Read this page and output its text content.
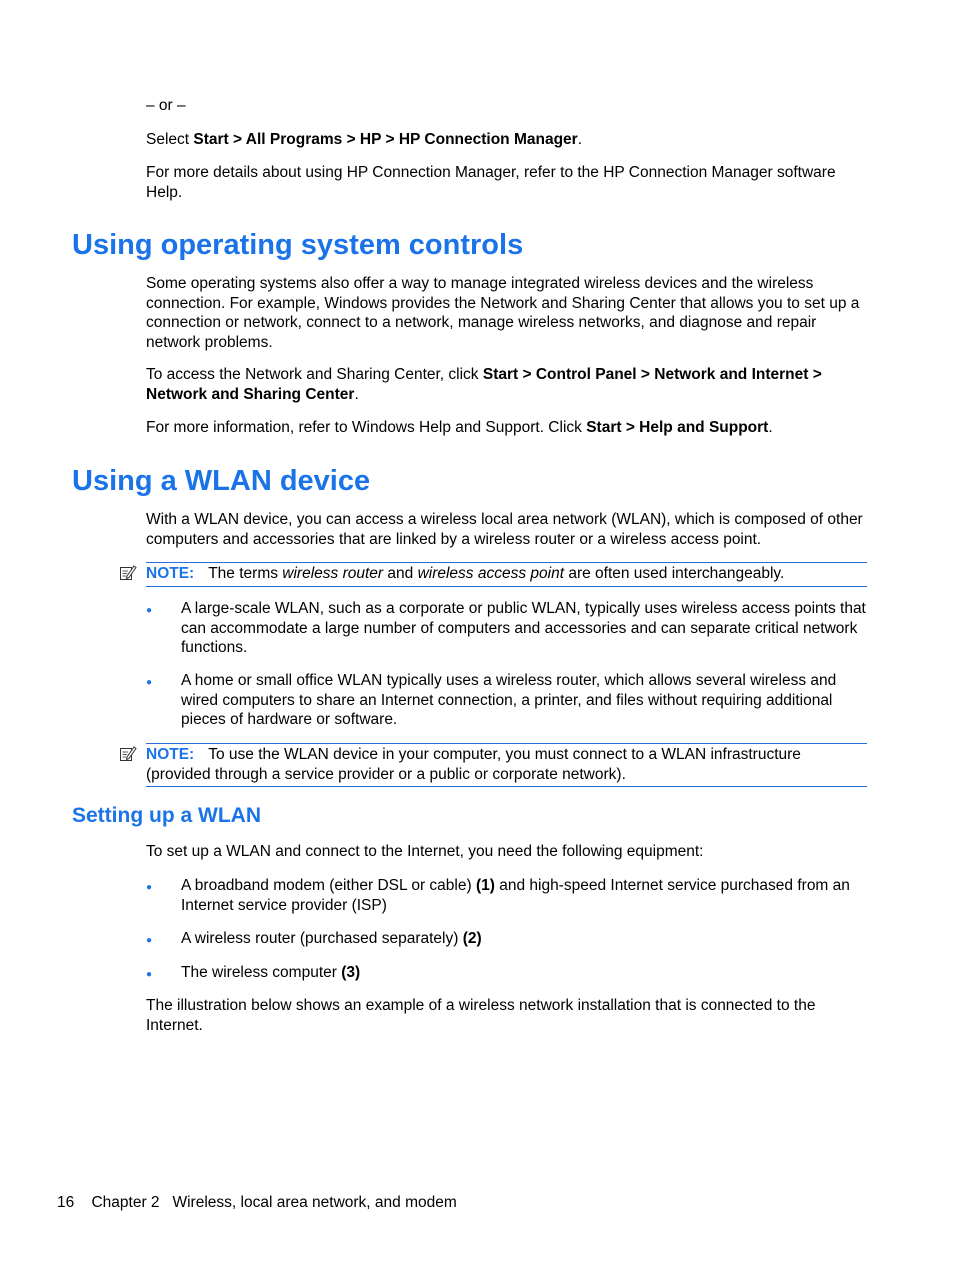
– or –

Select Start > All Programs > HP > HP Connection Manager.

For more details about using HP Connection Manager, refer to the HP Connection Manager software Help.

Using operating system controls

Some operating systems also offer a way to manage integrated wireless devices and the wireless connection. For example, Windows provides the Network and Sharing Center that allows you to set up a connection or network, connect to a network, manage wireless networks, and diagnose and repair network problems.

To access the Network and Sharing Center, click Start > Control Panel > Network and Internet > Network and Sharing Center.

For more information, refer to Windows Help and Support. Click Start > Help and Support.

Using a WLAN device

With a WLAN device, you can access a wireless local area network (WLAN), which is composed of other computers and accessories that are linked by a wireless router or a wireless access point.

NOTE: The terms wireless router and wireless access point are often used interchangeably.
● A large-scale WLAN, such as a corporate or public WLAN, typically uses wireless access points that can accommodate a large number of computers and accessories and can separate critical network functions.

● A home or small office WLAN typically uses a wireless router, which allows several wireless and wired computers to share an Internet connection, a printer, and files without requiring additional pieces of hardware or software.

NOTE: To use the WLAN device in your computer, you must connect to a WLAN infrastructure (provided through a service provider or a public or corporate network).
Setting up a WLAN

To set up a WLAN and connect to the Internet, you need the following equipment:

● A broadband modem (either DSL or cable) (1) and high-speed Internet service purchased from an Internet service provider (ISP)

● A wireless router (purchased separately) (2)

● The wireless computer (3)

The illustration below shows an example of a wireless network installation that is connected to the Internet.

16 Chapter 2 Wireless, local area network, and modem
